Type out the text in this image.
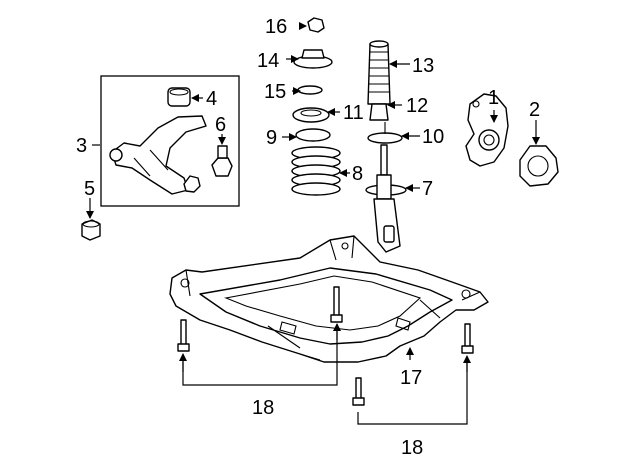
16
14
15
11
9
8
13
12
10
7
1
2
3
4
6
5
17
18
18
